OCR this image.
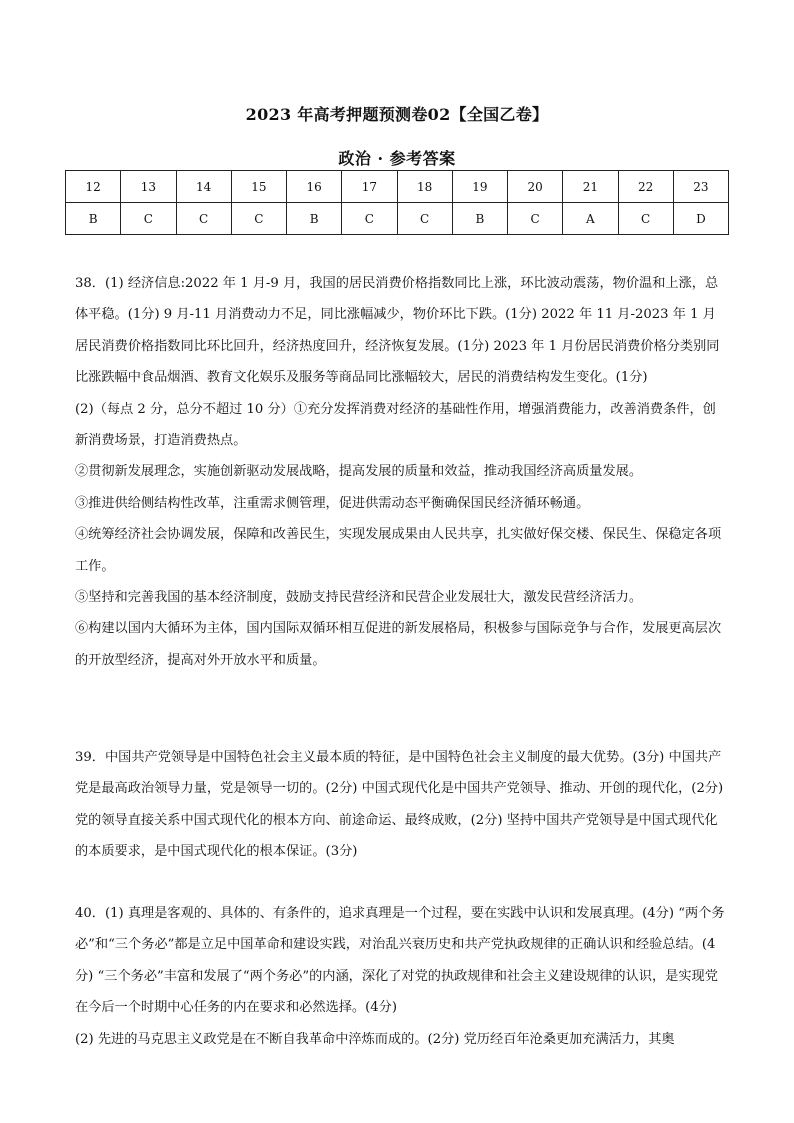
2023 年高考押题预测卷02【全国乙卷】
政治 · 参考答案
12	13	14	15	16	17	18	19	20	21	22	23
B	C	C	C	B	C	C	B	C	A	C	D

38．(1) 经济信息:2022 年 1 月-9 月，我国的居民消费价格指数同比上涨，环比波动震荡，物价温和上涨，总体平稳。(1分) 9 月-11 月消费动力不足，同比涨幅减少，物价环比下跌。(1分) 2022 年 11 月-2023 年 1 月居民消费价格指数同比环比回升，经济热度回升，经济恢复发展。(1分) 2023 年 1 月份居民消费价格分类别同比涨跌幅中食品烟酒、教育文化娱乐及服务等商品同比涨幅较大，居民的消费结构发生变化。(1分)

(2)（每点 2 分，总分不超过 10 分）①充分发挥消费对经济的基础性作用，增强消费能力，改善消费条件，创新消费场景，打造消费热点。

②贯彻新发展理念，实施创新驱动发展战略，提高发展的质量和效益，推动我国经济高质量发展。

③推进供给侧结构性改革，注重需求侧管理，促进供需动态平衡确保国民经济循环畅通。

④统筹经济社会协调发展，保障和改善民生，实现发展成果由人民共享，扎实做好保交楼、保民生、保稳定各项工作。

⑤坚持和完善我国的基本经济制度，鼓励支持民营经济和民营企业发展壮大，激发民营经济活力。

⑥构建以国内大循环为主体，国内国际双循环相互促进的新发展格局，积极参与国际竞争与合作，发展更高层次的开放型经济，提高对外开放水平和质量。

39．中国共产党领导是中国特色社会主义最本质的特征，是中国特色社会主义制度的最大优势。(3分) 中国共产党是最高政治领导力量，党是领导一切的。(2分) 中国式现代化是中国共产党领导、推动、开创的现代化，(2分) 党的领导直接关系中国式现代化的根本方向、前途命运、最终成败，(2分) 坚持中国共产党领导是中国式现代化的本质要求，是中国式现代化的根本保证。(3分)

40．(1) 真理是客观的、具体的、有条件的，追求真理是一个过程，要在实践中认识和发展真理。(4分) “两个务必”和“三个务必”都是立足中国革命和建设实践，对治乱兴衰历史和共产党执政规律的正确认识和经验总结。(4分) “三个务必”丰富和发展了“两个务必”的内涵，深化了对党的执政规律和社会主义建设规律的认识，是实现党在今后一个时期中心任务的内在要求和必然选择。(4分)

(2) 先进的马克思主义政党是在不断自我革命中淬炼而成的。(2分) 党历经百年沧桑更加充满活力，其奥
